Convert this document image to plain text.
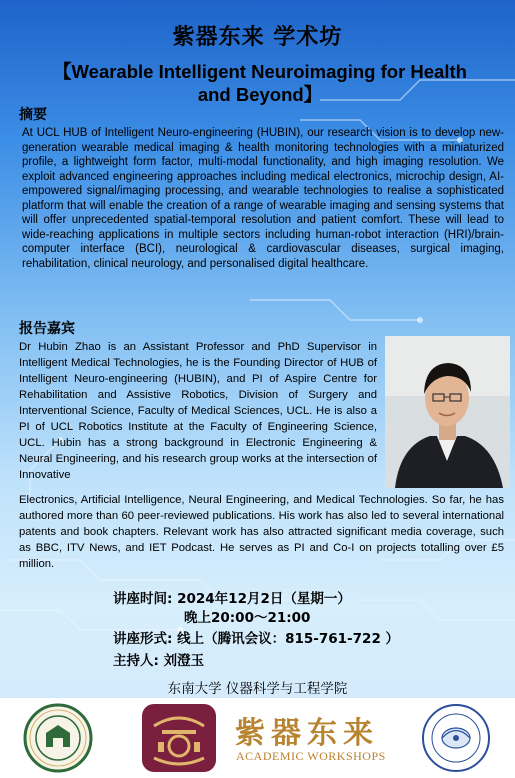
紫器东来 学术坊
【Wearable Intelligent Neuroimaging for Health and Beyond】
摘要
At UCL HUB of Intelligent Neuro-engineering (HUBIN), our research vision is to develop new-generation wearable medical imaging & health monitoring technologies with a miniaturized profile, a lightweight form factor, multi-modal functionality, and high imaging resolution. We exploit advanced engineering approaches including medical electronics, microchip design, AI-empowered signal/imaging processing, and wearable technologies to realise a sophisticated platform that will enable the creation of a range of wearable imaging and sensing systems that will offer unprecedented spatial-temporal resolution and patient comfort. These will lead to wide-reaching applications in multiple sectors including human-robot interaction (HRI)/brain-computer interface (BCI), neurological & cardiovascular diseases, surgical imaging, rehabilitation, clinical neurology, and personalised digital healthcare.
报告嘉宾
Dr Hubin Zhao is an Assistant Professor and PhD Supervisor in Intelligent Medical Technologies, he is the Founding Director of HUB of Intelligent Neuro-engineering (HUBIN), and PI of Aspire Centre for Rehabilitation and Assistive Robotics, Division of Surgery and Interventional Science, Faculty of Medical Sciences, UCL. He is also a PI of UCL Robotics Institute at the Faculty of Engineering Science, UCL. Hubin has a strong background in Electronic Engineering & Neural Engineering, and his research group works at the intersection of Innovative
Electronics, Artificial Intelligence, Neural Engineering, and Medical Technologies. So far, he has authored more than 60 peer-reviewed publications. His work has also led to several international patents and book chapters. Relevant work has also attracted significant media coverage, such as BBC, ITV News, and IET Podcast. He serves as PI and Co-I on projects totalling over £5 million.
讲座时间: 2024年12月2日（星期一）
晚上20:00～21:00
讲座形式: 线上（腾讯会议：815-761-722 ）
主持人: 刘澄玉
东南大学 仪器科学与工程学院
紫器东来
ACADEMIC WORKSHOPS
